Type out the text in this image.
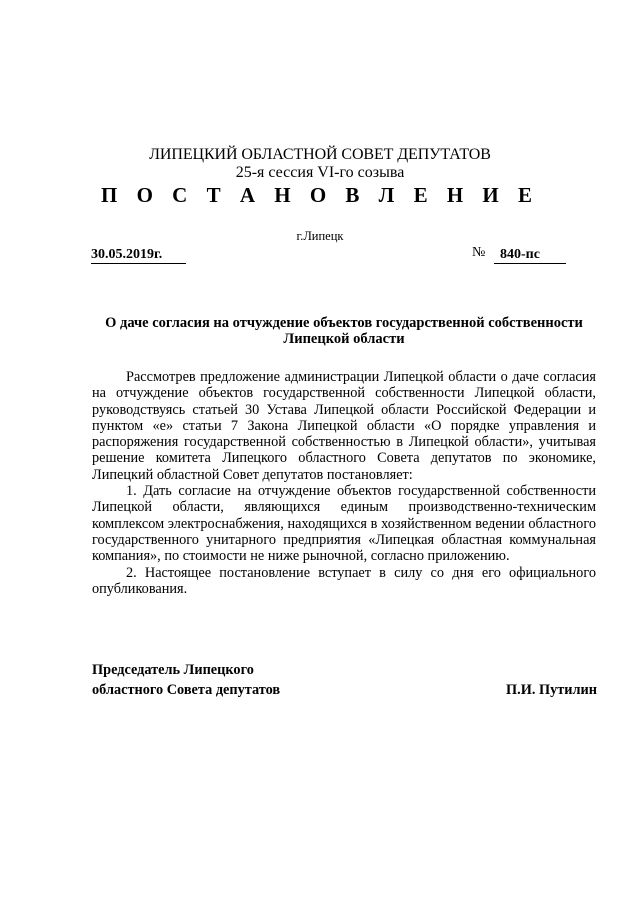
ЛИПЕЦКИЙ ОБЛАСТНОЙ СОВЕТ ДЕПУТАТОВ
25-я сессия VI-го созыва
П О С Т А Н О В Л Е Н И Е
г.Липецк
30.05.2019г.	№	840-пс
О даче согласия на отчуждение объектов государственной собственности Липецкой области

Рассмотрев предложение администрации Липецкой области о даче согласия на отчуждение объектов государственной собственности Липецкой области, руководствуясь статьей 30 Устава Липецкой области Российской Федерации и пунктом «е» статьи 7 Закона Липецкой области «О порядке управления и распоряжения государственной собственностью в Липецкой области», учитывая решение комитета Липецкого областного Совета депутатов по экономике, Липецкий областной Совет депутатов постановляет:

1. Дать согласие на отчуждение объектов государственной собственности Липецкой области, являющихся единым производственно-техническим комплексом электроснабжения, находящихся в хозяйственном ведении областного государственного унитарного предприятия «Липецкая областная коммунальная компания», по стоимости не ниже рыночной, согласно приложению.

2. Настоящее постановление вступает в силу со дня его официального опубликования.

Председатель Липецкого
областного Совета депутатов	П.И. Путилин
